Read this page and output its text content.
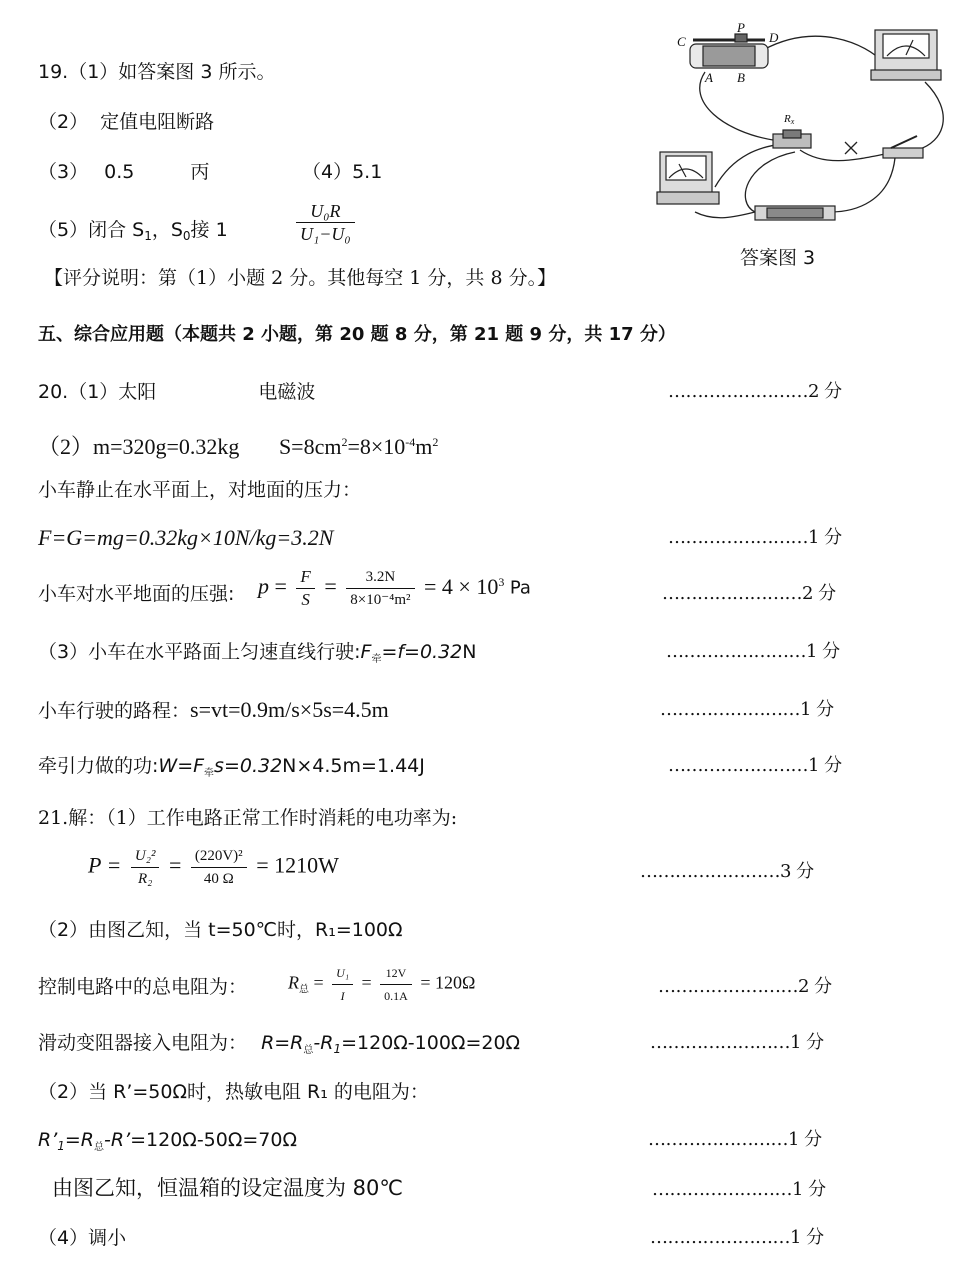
19.（1）如答案图 3 所示。
（2） 定值电阻断路
（3） 0.5	丙	（4）5.1
（5）闭合 $S_1$，$S_0$接 1	$\frac{\text{U₀R}}{\text{U₁−U₀}}$
【评分说明：第（1）小题 2 分。其他每空 1 分，共 8 分。】
C
P
D
A B
Rx
答案图 3
五、综合应用题（本题共 2 小题，第 20 题 8 分，第 21 题 9 分，共 17 分）
20.（1）太阳	电磁波	……………………2 分
（2）m=320g=0.32kg $S=8cm^2=8\times 10^{-4}m^2$
小车静止在水平面上，对地面的压力：
F=G=mg=0.32kg×10N/kg=3.2N	……………………1 分
小车对水平地面的压强: $p = \frac{F}{S} = \frac{3.2N}{\text{8×10⁻⁴m²}} = 4 \times 10^3$ Pa	……………………2 分
（3）小车在水平路面上匀速直线行驶$:F_牵=f=0.32N$	……………………1 分
小车行驶的路程：s=vt=0.9m/s×5s=4.5m	……………………1 分
牵引力做的功$:W=F_牵s=0.32N\times 4.5m=1.44J$	……………………1 分
21.解：（1）工作电路正常工作时消耗的电功率为:
$P = \frac{\text{U₂²}}{\text{R₂}} = \frac{\text{(220V)²}}{40 \Omega} = 1210W$	……………………3 分
（2）由图乙知，当 t=50℃时，R₁=100Ω
控制电路中的总电阻为： $R_总 = \frac{\text{U₁}}{I} = \frac{12V}{0.1A} = 120\Omega$	……………………2 分
滑动变阻器接入电阻为： $R=R_总-R_1=120\Omega-100\Omega=20\Omega$	……………………1 分
（2）当 R’=50Ω时，热敏电阻 R₁ 的电阻为：
$R’_1=R_总-R’=120\Omega-50\Omega=70\Omega$	……………………1 分
由图乙知，恒温箱的设定温度为 80℃	……………………1 分
（4）调小	……………………1 分
